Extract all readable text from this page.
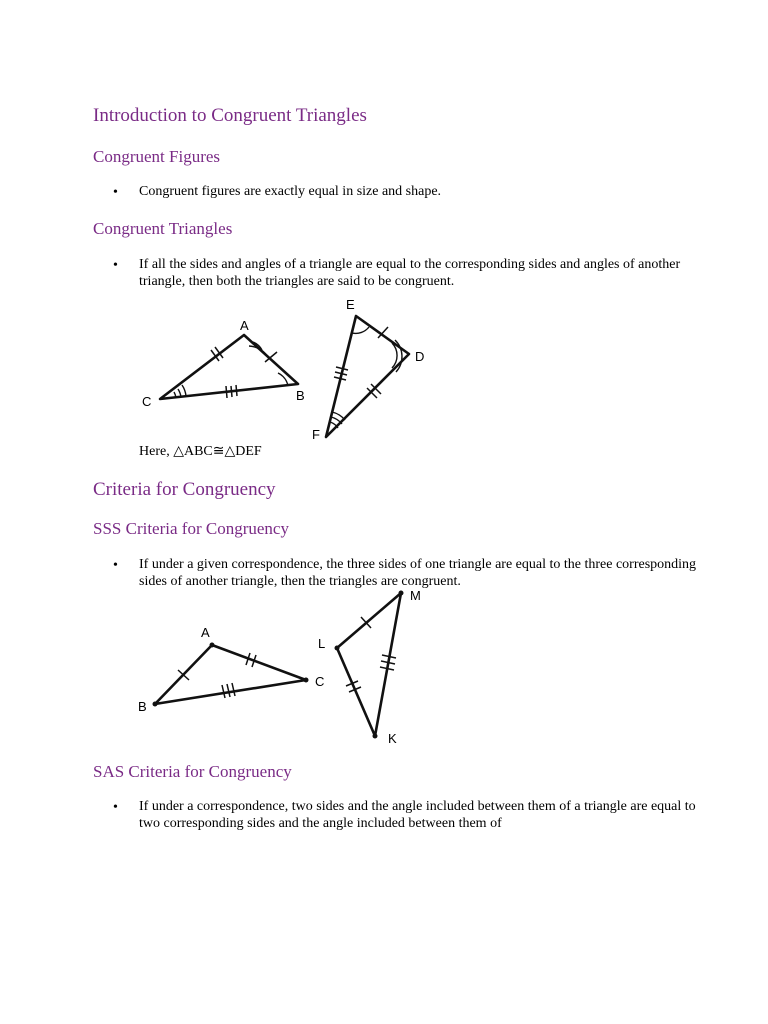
Introduction to Congruent Triangles
Congruent Figures
• Congruent figures are exactly equal in size and shape.
Congruent Triangles
• If all the sides and angles of a triangle are equal to the corresponding sides and angles of another triangle, then both the triangles are said to be congruent.
A
B
C
E
D
F
Here, △ABC≅△DEF
Criteria for Congruency
SSS Criteria for Congruency
• If under a given correspondence, the three sides of one triangle are equal to the three corresponding sides of another triangle, then the triangles are congruent.
A
B
C
L
M
K
SAS Criteria for Congruency
• If under a correspondence, two sides and the angle included between them of a triangle are equal to two corresponding sides and the angle included between them of
